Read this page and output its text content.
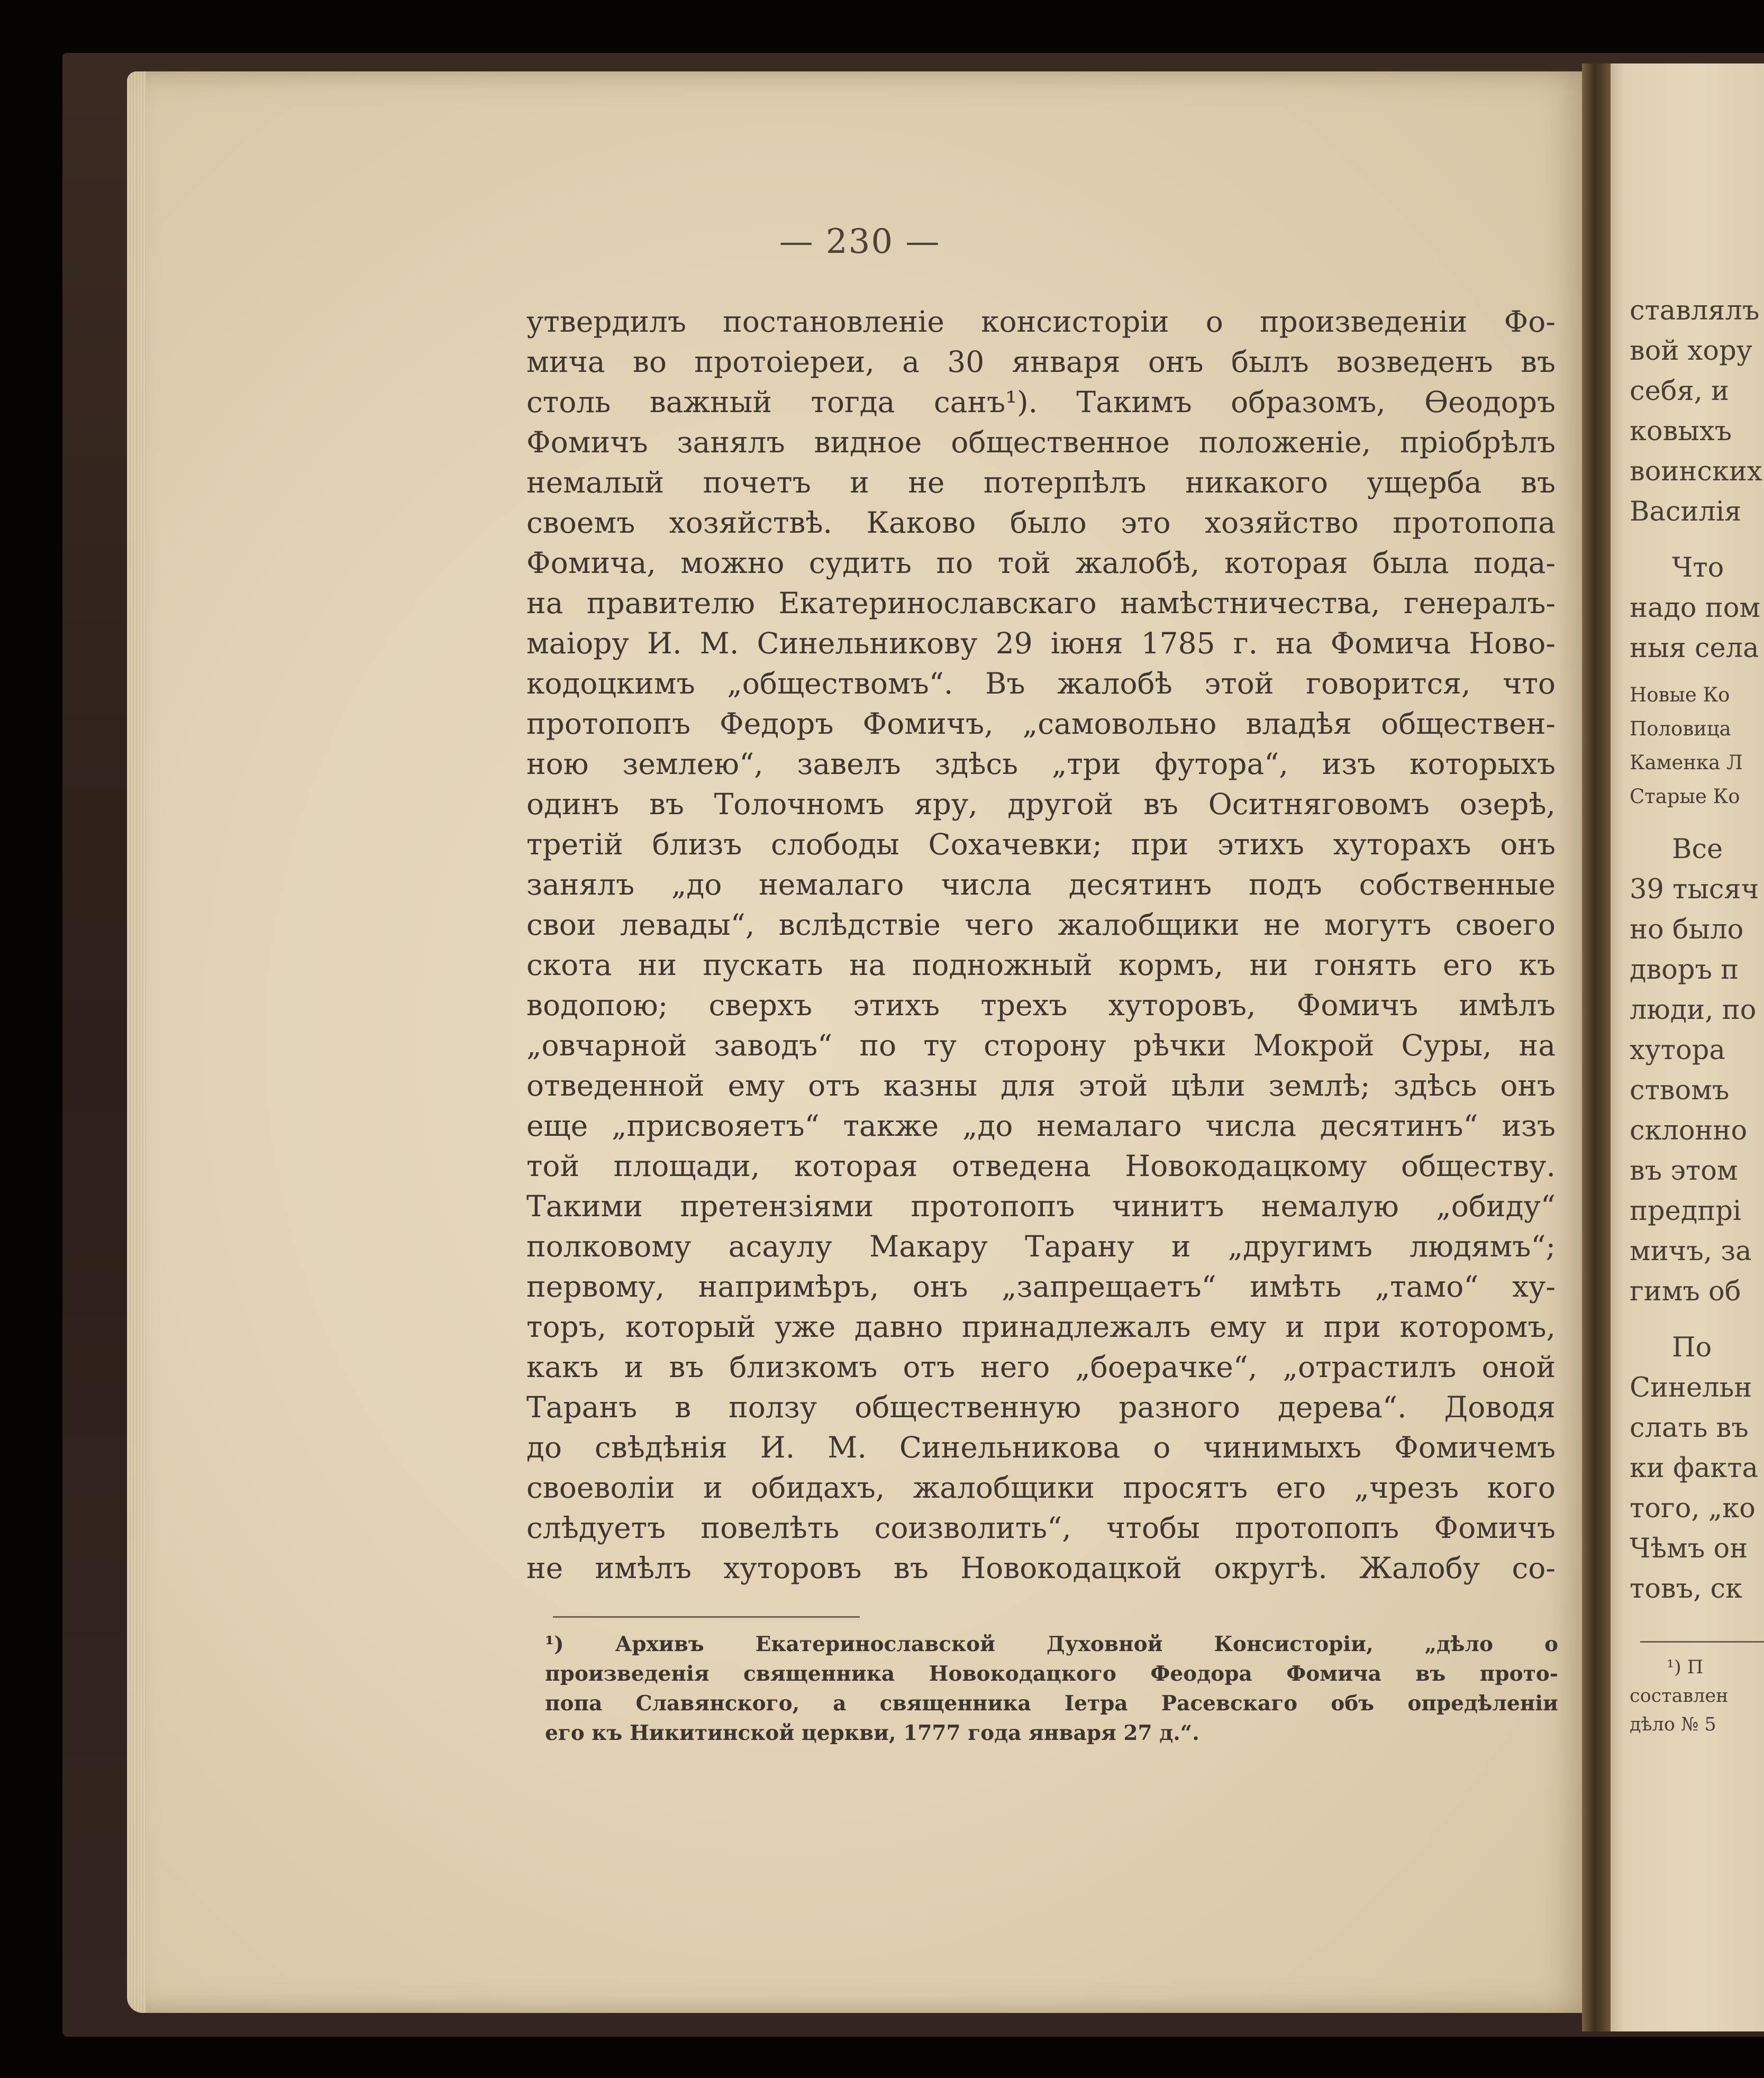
— 230 —
утвердилъ постановленіе консисторіи о произведеніи Фо-
мича во протоіереи, а 30 января онъ былъ возведенъ въ
столь важный тогда санъ¹). Такимъ образомъ, Ѳеодоръ
Фомичъ занялъ видное общественное положеніе, пріобрѣлъ
немалый почетъ и не потерпѣлъ никакого ущерба въ
своемъ хозяйствѣ. Каково было это хозяйство протопопа
Фомича, можно судить по той жалобѣ, которая была пода-
на правителю Екатеринославскаго намѣстничества, генералъ-
маіору И. М. Синельникову 29 іюня 1785 г. на Фомича Ново-
кодоцкимъ „обществомъ“. Въ жалобѣ этой говорится, что
протопопъ Федоръ Фомичъ, „самовольно владѣя обществен-
ною землею“, завелъ здѣсь „три футора“, изъ которыхъ
одинъ въ Толочномъ яру, другой въ Оситняговомъ озерѣ,
третій близъ слободы Сохачевки; при этихъ хуторахъ онъ
занялъ „до немалаго числа десятинъ подъ собственные
свои левады“, вслѣдствіе чего жалобщики не могутъ своего
скота ни пускать на подножный кормъ, ни гонять его къ
водопою; сверхъ этихъ трехъ хуторовъ, Фомичъ имѣлъ
„овчарной заводъ“ по ту сторону рѣчки Мокрой Суры, на
отведенной ему отъ казны для этой цѣли землѣ; здѣсь онъ
еще „присвояетъ“ также „до немалаго числа десятинъ“ изъ
той площади, которая отведена Новокодацкому обществу.
Такими претензіями протопопъ чинитъ немалую „обиду“
полковому асаулу Макару Тарану и „другимъ людямъ“;
первому, напримѣръ, онъ „запрещаетъ“ имѣть „тамо“ ху-
торъ, который уже давно принадлежалъ ему и при которомъ,
какъ и въ близкомъ отъ него „боерачке“, „отрастилъ оной
Таранъ в ползу общественную разного дерева“. Доводя
до свѣдѣнія И. М. Синельникова о чинимыхъ Фомичемъ
своеволіи и обидахъ, жалобщики просятъ его „чрезъ кого
слѣдуетъ повелѣть соизволить“, чтобы протопопъ Фомичъ
не имѣлъ хуторовъ въ Новокодацкой округѣ. Жалобу со-
¹) Архивъ Екатеринославской Духовной Консисторіи, „дѣло о
произведенія священника Новокодацкого Феодора Фомича въ прото-
попа Славянского, а священника Іетра Расевскаго объ опредѣленіи
его къ Никитинской церкви, 1777 года января 27 д.“.
ставлялъ
вой хору
себя, и
ковыхъ
воинских
Василія
Что
надо пом
ныя села
Новые Ко
Половица
Каменка Л
Старые Ко
Все
39 тысяч
но было
дворъ п
люди, по
хутора
ствомъ
склонно
въ этом
предпрі
мичъ, за
гимъ об
По
Синельн
слать въ
ки факта
того, „ко
Чѣмъ он
товъ, ск
¹) П
составлен
дѣло № 5
